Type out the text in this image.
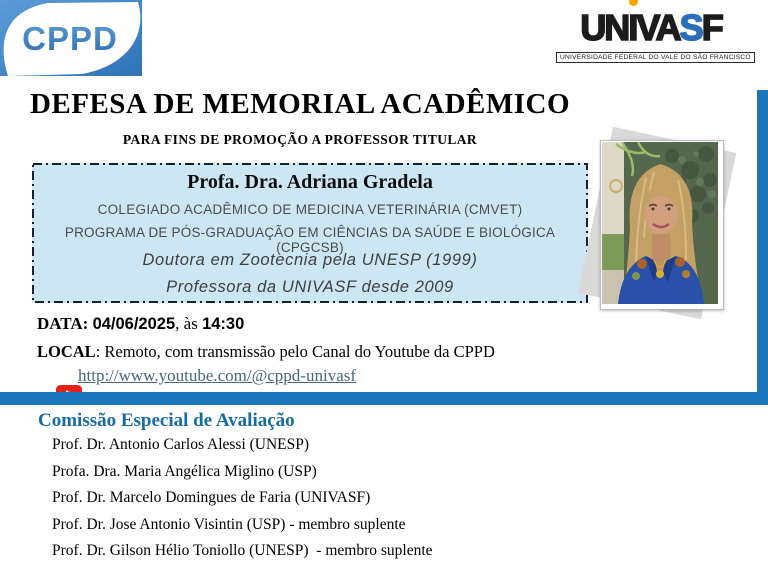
CPPD	UNI
VASF
UNIVERSIDADE FEDERAL DO VALE DO SÃO FRANCISCO
DEFESA DE MEMORIAL ACADÊMICO
PARA FINS DE PROMOÇÃO A PROFESSOR TITULAR
Profa. Dra. Adriana Gradela
COLEGIADO ACADÊMICO DE MEDICINA VETERINÁRIA (CMVET)
PROGRAMA DE PÓS-GRADUAÇÃO EM CIÊNCIAS DA SAÚDE E BIOLÓGICA (CPGCSB)
Doutora em Zootecnia pela UNESP (1999)
Professora da UNIVASF desde 2009
DATA: 04/06/2025, às 14:30
LOCAL: Remoto, com transmissão pelo Canal do Youtube da CPPD

http://www.youtube.com/@cppd-univasf
Comissão Especial de Avaliação
Prof. Dr. Antonio Carlos Alessi (UNESP)
Profa. Dra. Maria Angélica Miglino (USP)
Prof. Dr. Marcelo Domingues de Faria (UNIVASF)
Prof. Dr. Jose Antonio Visintin (USP) - membro suplente
Prof. Dr. Gilson Hélio Toniollo (UNESP)  - membro suplente
